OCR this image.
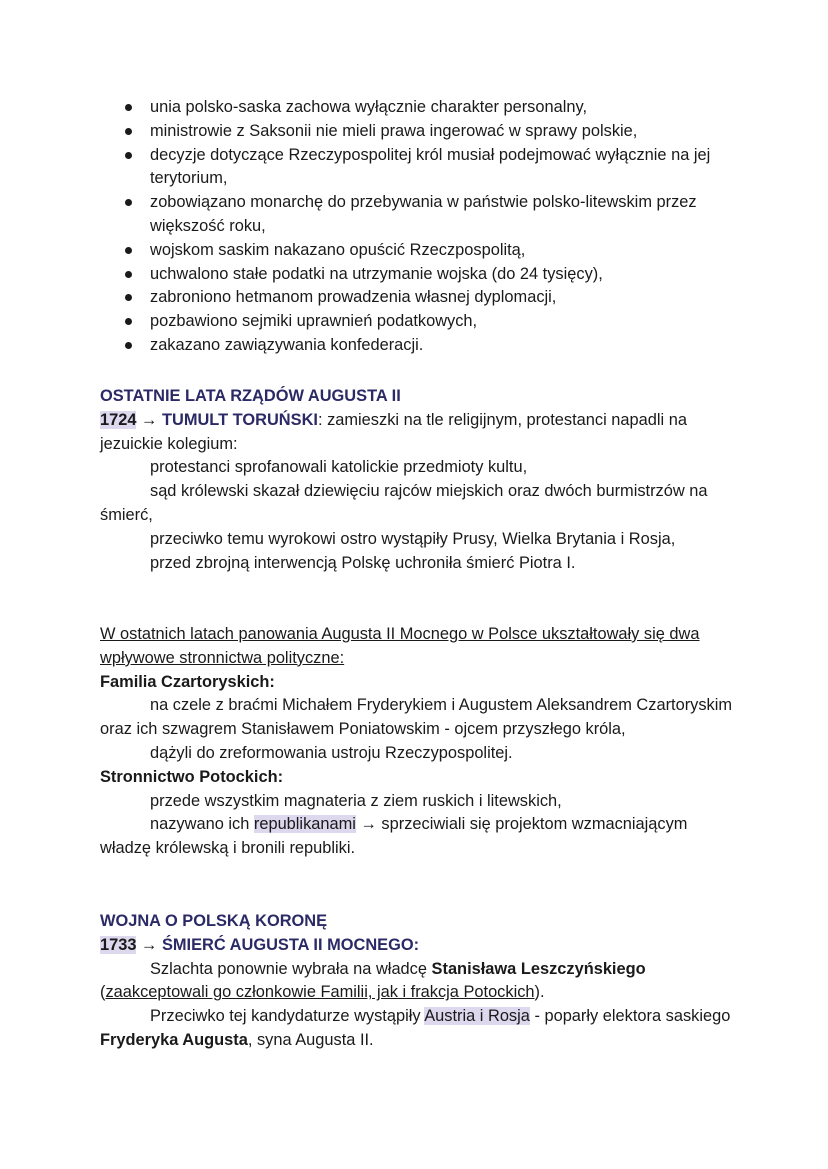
unia polsko-saska zachowa wyłącznie charakter personalny,
ministrowie z Saksonii nie mieli prawa ingerować w sprawy polskie,
decyzje dotyczące Rzeczypospolitej król musiał podejmować wyłącznie na jej terytorium,
zobowiązano monarchę do przebywania w państwie polsko-litewskim przez większość roku,
wojskom saskim nakazano opuścić Rzeczpospolitą,
uchwalono stałe podatki na utrzymanie wojska (do 24 tysięcy),
zabroniono hetmanom prowadzenia własnej dyplomacji,
pozbawiono sejmiki uprawnień podatkowych,
zakazano zawiązywania konfederacji.

OSTATNIE LATA RZĄDÓW AUGUSTA II

1724 → TUMULT TORUŃSKI: zamieszki na tle religijnym, protestanci napadli na jezuickie kolegium:

protestanci sprofanowali katolickie przedmioty kultu,

sąd królewski skazał dziewięciu rajców miejskich oraz dwóch burmistrzów na śmierć,

przeciwko temu wyrokowi ostro wystąpiły Prusy, Wielka Brytania i Rosja,

przed zbrojną interwencją Polskę uchroniła śmierć Piotra I.

W ostatnich latach panowania Augusta II Mocnego w Polsce ukształtowały się dwa wpływowe stronnictwa polityczne:

Familia Czartoryskich:

na czele z braćmi Michałem Fryderykiem i Augustem Aleksandrem Czartoryskim oraz ich szwagrem Stanisławem Poniatowskim - ojcem przyszłego króla,

dążyli do zreformowania ustroju Rzeczypospolitej.

Stronnictwo Potockich:

przede wszystkim magnateria z ziem ruskich i litewskich,

nazywano ich republikanami → sprzeciwiali się projektom wzmacniającym władzę królewską i bronili republiki.

WOJNA O POLSKĄ KORONĘ

1733 → ŚMIERĆ AUGUSTA II MOCNEGO:

Szlachta ponownie wybrała na władcę Stanisława Leszczyńskiego

(zaakceptowali go członkowie Familii, jak i frakcja Potockich).

Przeciwko tej kandydaturze wystąpiły Austria i Rosja - poparły elektora saskiego Fryderyka Augusta, syna Augusta II.
